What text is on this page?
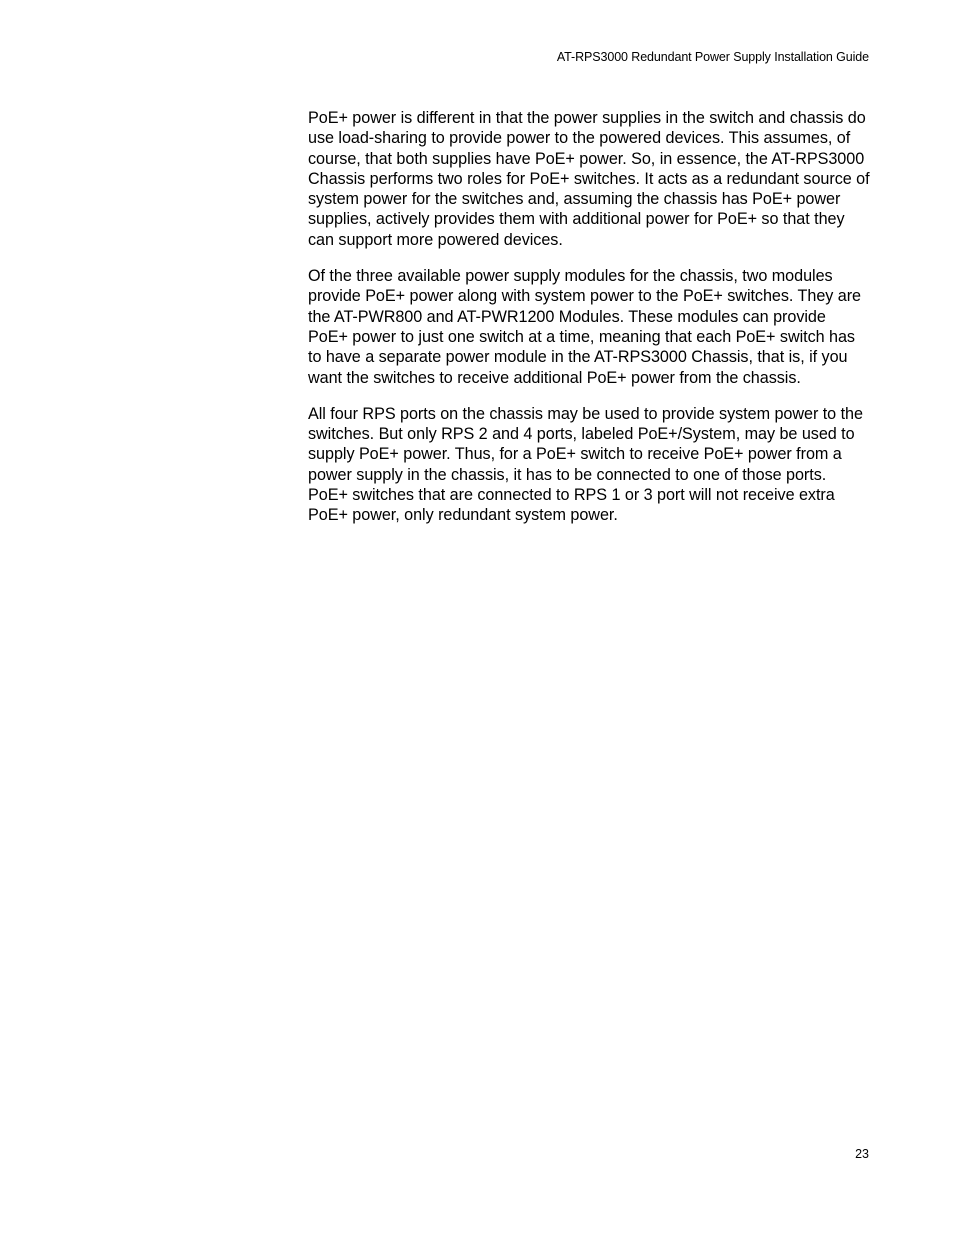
AT-RPS3000 Redundant Power Supply Installation Guide

PoE+ power is different in that the power supplies in the switch and chassis do use load-sharing to provide power to the powered devices. This assumes, of course, that both supplies have PoE+ power. So, in essence, the AT-RPS3000 Chassis performs two roles for PoE+ switches. It acts as a redundant source of system power for the switches and, assuming the chassis has PoE+ power supplies, actively provides them with additional power for PoE+ so that they can support more powered devices.

Of the three available power supply modules for the chassis, two modules provide PoE+ power along with system power to the PoE+ switches. They are the AT-PWR800 and AT-PWR1200 Modules. These modules can provide PoE+ power to just one switch at a time, meaning that each PoE+ switch has to have a separate power module in the AT-RPS3000 Chassis, that is, if you want the switches to receive additional PoE+ power from the chassis.

All four RPS ports on the chassis may be used to provide system power to the switches. But only RPS 2 and 4 ports, labeled PoE+/System, may be used to supply PoE+ power. Thus, for a PoE+ switch to receive PoE+ power from a power supply in the chassis, it has to be connected to one of those ports. PoE+ switches that are connected to RPS 1 or 3 port will not receive extra PoE+ power, only redundant system power.

23
